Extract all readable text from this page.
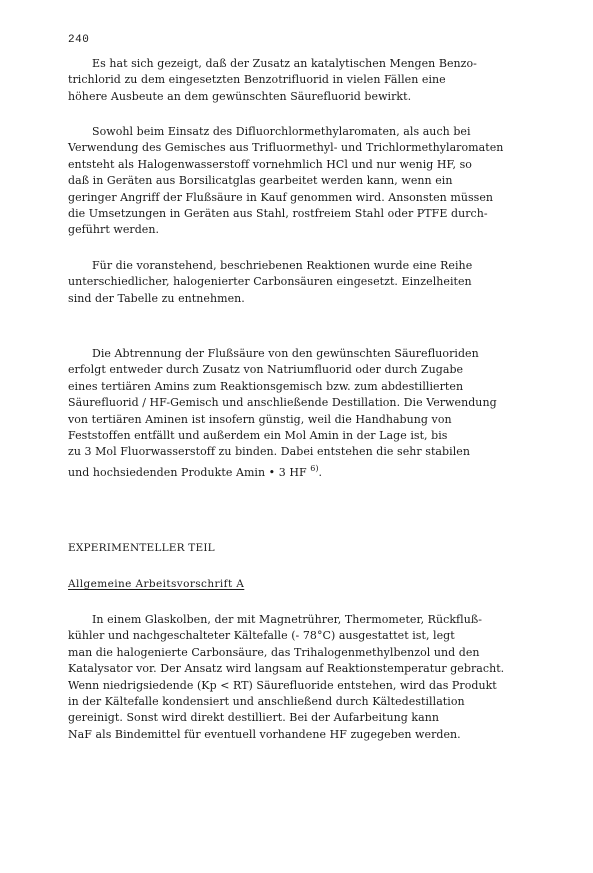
240
Es hat sich gezeigt, daß der Zusatz an katalytischen Mengen Benzo-
trichlorid zu dem eingesetzten Benzotrifluorid in vielen Fällen eine
höhere Ausbeute an dem gewünschten Säurefluorid bewirkt.
Sowohl beim Einsatz des Difluorchlormethylaromaten, als auch bei
Verwendung des Gemisches aus Trifluormethyl- und Trichlormethylaromaten
entsteht als Halogenwasserstoff vornehmlich HCl und nur wenig HF, so
daß in Geräten aus Borsilicatglas gearbeitet werden kann, wenn ein
geringer Angriff der Flußsäure in Kauf genommen wird. Ansonsten müssen
die Umsetzungen in Geräten aus Stahl, rostfreiem Stahl oder PTFE durch-
geführt werden.
Für die voranstehend, beschriebenen Reaktionen wurde eine Reihe
unterschiedlicher, halogenierter Carbonsäuren eingesetzt. Einzelheiten
sind der Tabelle zu entnehmen.
Die Abtrennung der Flußsäure von den gewünschten Säurefluoriden
erfolgt entweder durch Zusatz von Natriumfluorid oder durch Zugabe
eines tertiären Amins zum Reaktionsgemisch bzw. zum abdestillierten
Säurefluorid / HF-Gemisch und anschließende Destillation. Die Verwendung
von tertiären Aminen ist insofern günstig, weil die Handhabung von
Feststoffen entfällt und außerdem ein Mol Amin in der Lage ist, bis
zu 3 Mol Fluorwasserstoff zu binden. Dabei entstehen die sehr stabilen
und hochsiedenden Produkte Amin • 3 HF $^{6)}$.
EXPERIMENTELLER TEIL
Allgemeine Arbeitsvorschrift A
In einem Glaskolben, der mit Magnetrührer, Thermometer, Rückfluß-
kühler und nachgeschalteter Kältefalle (- 78°C) ausgestattet ist, legt
man die halogenierte Carbonsäure, das Trihalogenmethylbenzol und den
Katalysator vor. Der Ansatz wird langsam auf Reaktionstemperatur gebracht.
Wenn niedrigsiedende (Kp < RT) Säurefluoride entstehen, wird das Produkt
in der Kältefalle kondensiert und anschließend durch Kältedestillation
gereinigt. Sonst wird direkt destilliert. Bei der Aufarbeitung kann
NaF als Bindemittel für eventuell vorhandene HF zugegeben werden.
